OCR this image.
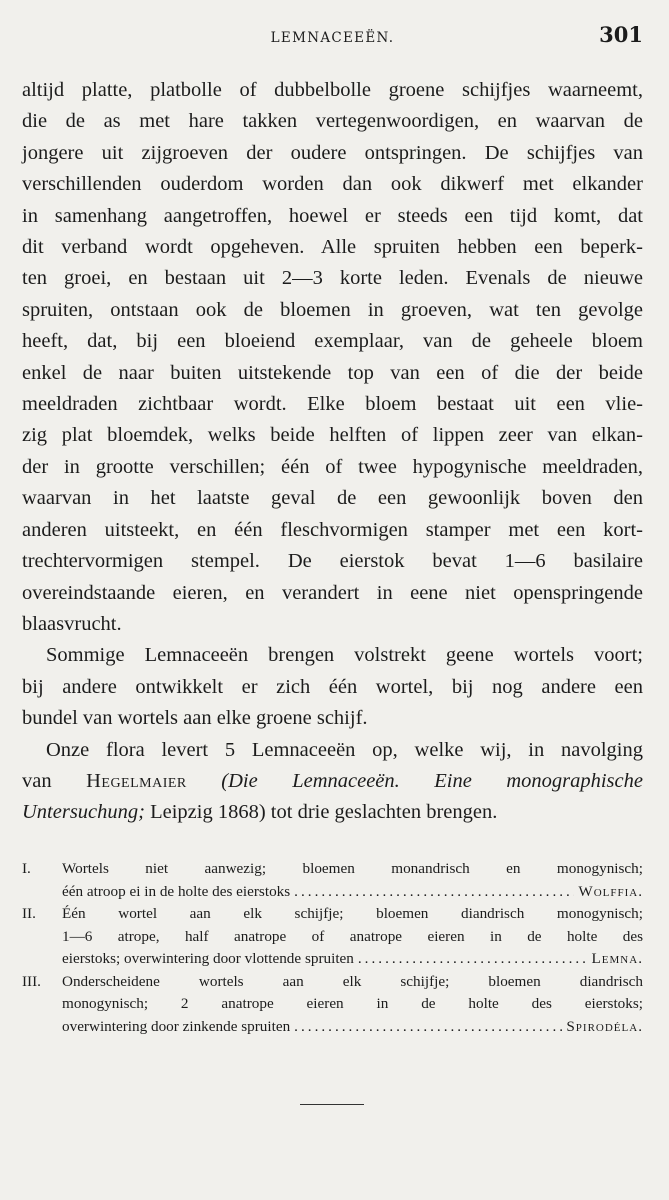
LEMNACEEËN.	301

altijd platte, platbolle of dubbelbolle groene schijfjes waarneemt,

die de as met hare takken vertegenwoordigen, en waarvan de

jongere uit zijgroeven der oudere ontspringen. De schijfjes van

verschillenden ouderdom worden dan ook dikwerf met elkander

in samenhang aangetroffen, hoewel er steeds een tijd komt, dat

dit verband wordt opgeheven. Alle spruiten hebben een beperk-

ten groei, en bestaan uit 2—3 korte leden. Evenals de nieuwe

spruiten, ontstaan ook de bloemen in groeven, wat ten gevolge

heeft, dat, bij een bloeiend exemplaar, van de geheele bloem

enkel de naar buiten uitstekende top van een of die der beide

meeldraden zichtbaar wordt. Elke bloem bestaat uit een vlie-

zig plat bloemdek, welks beide helften of lippen zeer van elkan-

der in grootte verschillen; één of twee hypogynische meeldraden,

waarvan in het laatste geval de een gewoonlijk boven den

anderen uitsteekt, en één fleschvormigen stamper met een kort-

trechtervormigen stempel. De eierstok bevat 1—6 basilaire

overeindstaande eieren, en verandert in eene niet openspringende

blaasvrucht.

Sommige Lemnaceeën brengen volstrekt geene wortels voort;

bij andere ontwikkelt er zich één wortel, bij nog andere een

bundel van wortels aan elke groene schijf.

Onze flora levert 5 Lemnaceeën op, welke wij, in navolging

van Hegelmaier (Die Lemnaceeën. Eine monographische

Untersuchung; Leipzig 1868) tot drie geslachten brengen.

I.	Wortels niet aanwezig; bloemen monandrisch en monogynisch;
één atroop ei in de holte des eierstoks .....	Wolffia.
II.	Één wortel aan elk schijfje; bloemen diandrisch monogynisch;
1—6 atrope, half anatrope of anatrope eieren in de holte des
eierstoks; overwintering door vlottende spruiten .....	Lemna.
III.	Onderscheidene wortels aan elk schijfje; bloemen diandrisch
monogynisch; 2 anatrope eieren in de holte des eierstoks;
overwintering door zinkende spruiten .....	Spirodéla.
